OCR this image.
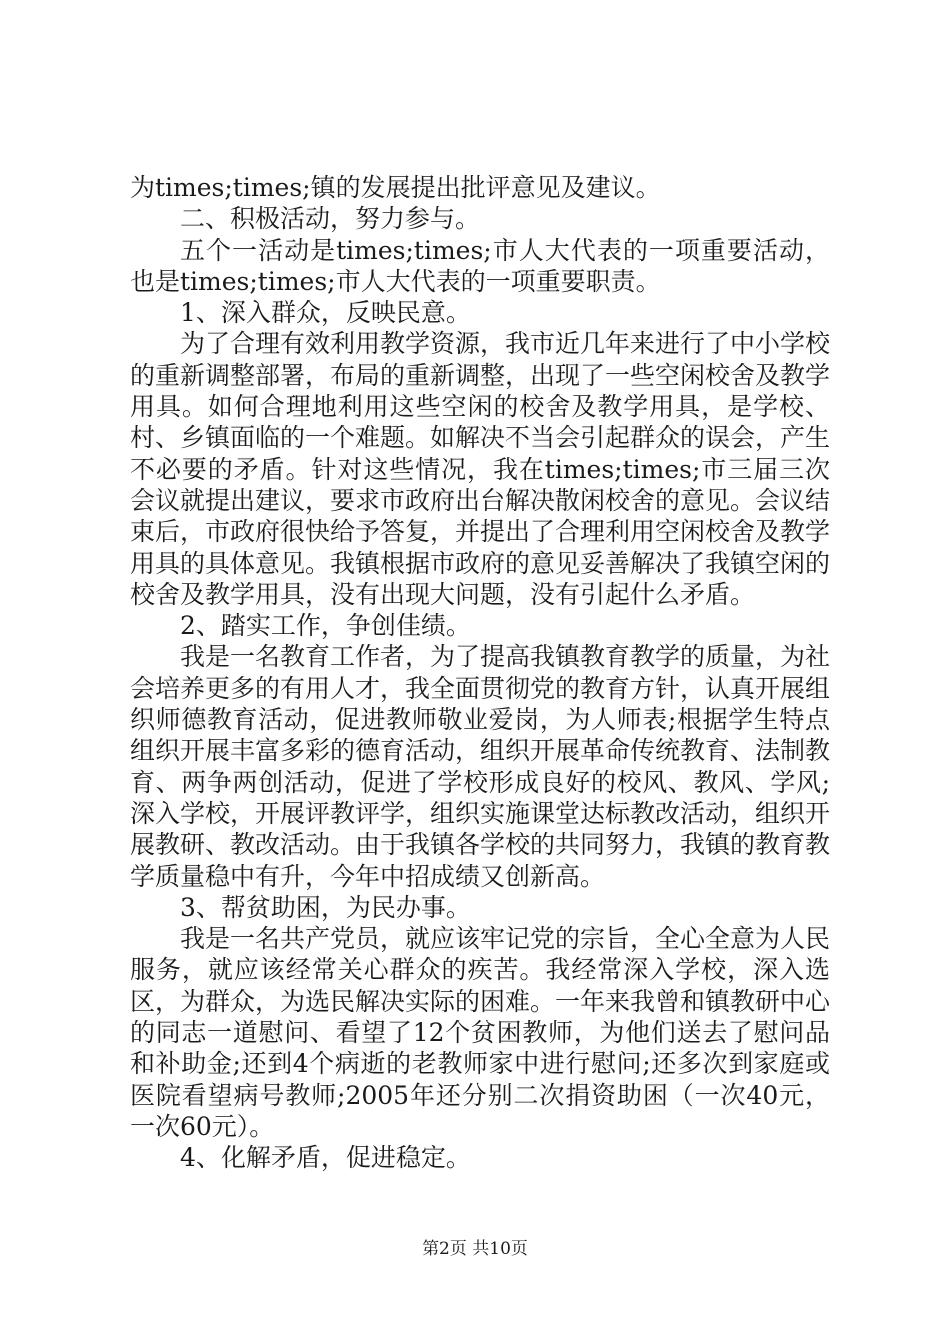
为times;times;镇的发展提出批评意见及建议。

二、积极活动，努力参与。

五个一活动是times;times;市人大代表的一项重要活动，也是times;times;市人大代表的一项重要职责。

1、深入群众，反映民意。

为了合理有效利用教学资源，我市近几年来进行了中小学校的重新调整部署，布局的重新调整，出现了一些空闲校舍及教学用具。如何合理地利用这些空闲的校舍及教学用具，是学校、村、乡镇面临的一个难题。如解决不当会引起群众的误会，产生不必要的矛盾。针对这些情况，我在times;times;市三届三次会议就提出建议，要求市政府出台解决散闲校舍的意见。会议结束后，市政府很快给予答复，并提出了合理利用空闲校舍及教学用具的具体意见。我镇根据市政府的意见妥善解决了我镇空闲的校舍及教学用具，没有出现大问题，没有引起什么矛盾。

2、踏实工作，争创佳绩。

我是一名教育工作者，为了提高我镇教育教学的质量，为社会培养更多的有用人才，我全面贯彻党的教育方针，认真开展组织师德教育活动，促进教师敬业爱岗，为人师表;根据学生特点组织开展丰富多彩的德育活动，组织开展革命传统教育、法制教育、两争两创活动，促进了学校形成良好的校风、教风、学风;深入学校，开展评教评学，组织实施课堂达标教改活动，组织开展教研、教改活动。由于我镇各学校的共同努力，我镇的教育教学质量稳中有升，今年中招成绩又创新高。

3、帮贫助困，为民办事。

我是一名共产党员，就应该牢记党的宗旨，全心全意为人民服务，就应该经常关心群众的疾苦。我经常深入学校，深入选区，为群众，为选民解决实际的困难。一年来我曾和镇教研中心的同志一道慰问、看望了12个贫困教师，为他们送去了慰问品和补助金;还到4个病逝的老教师家中进行慰问;还多次到家庭或医院看望病号教师;2005年还分别二次捐资助困（一次40元，一次60元）。

4、化解矛盾，促进稳定。

第2页 共10页
